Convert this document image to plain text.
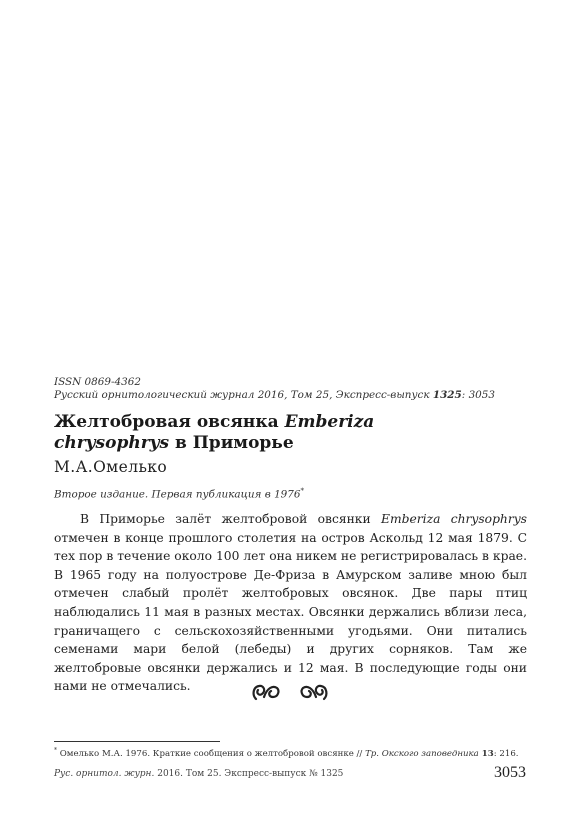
ISSN 0869-4362
Русский орнитологический журнал 2016, Том 25, Экспресс-выпуск 1325: 3053
Желтобровая овсянка Emberiza
chrysophrys в Приморье
М.А.Омелько
Второе издание. Первая публикация в 1976*

В Приморье залёт желтобровой овсянки Emberiza chrysophrys отмечен в конце прошлого столетия на остров Аскольд 12 мая 1879. С тех пор в течение около 100 лет она никем не регистрировалась в крае. В 1965 году на полуострове Де-Фриза в Амурском заливе мною был отмечен слабый пролёт желтобровых овсянок. Две пары птиц наблюдались 11 мая в разных местах. Овсянки держались вблизи леса, граничащего с сельскохозяйственными угодьями. Они питались семенами мари белой (лебеды) и других сорняков. Там же желтобровые овсянки держались и 12 мая. В последующие годы они нами не отмечались.

* Омелько М.А. 1976. Краткие сообщения о желтобровой овсянке // Тр. Окского заповедника 13: 216.
Рус. орнитол. журн. 2016. Том 25. Экспресс-выпуск № 1325	3053
